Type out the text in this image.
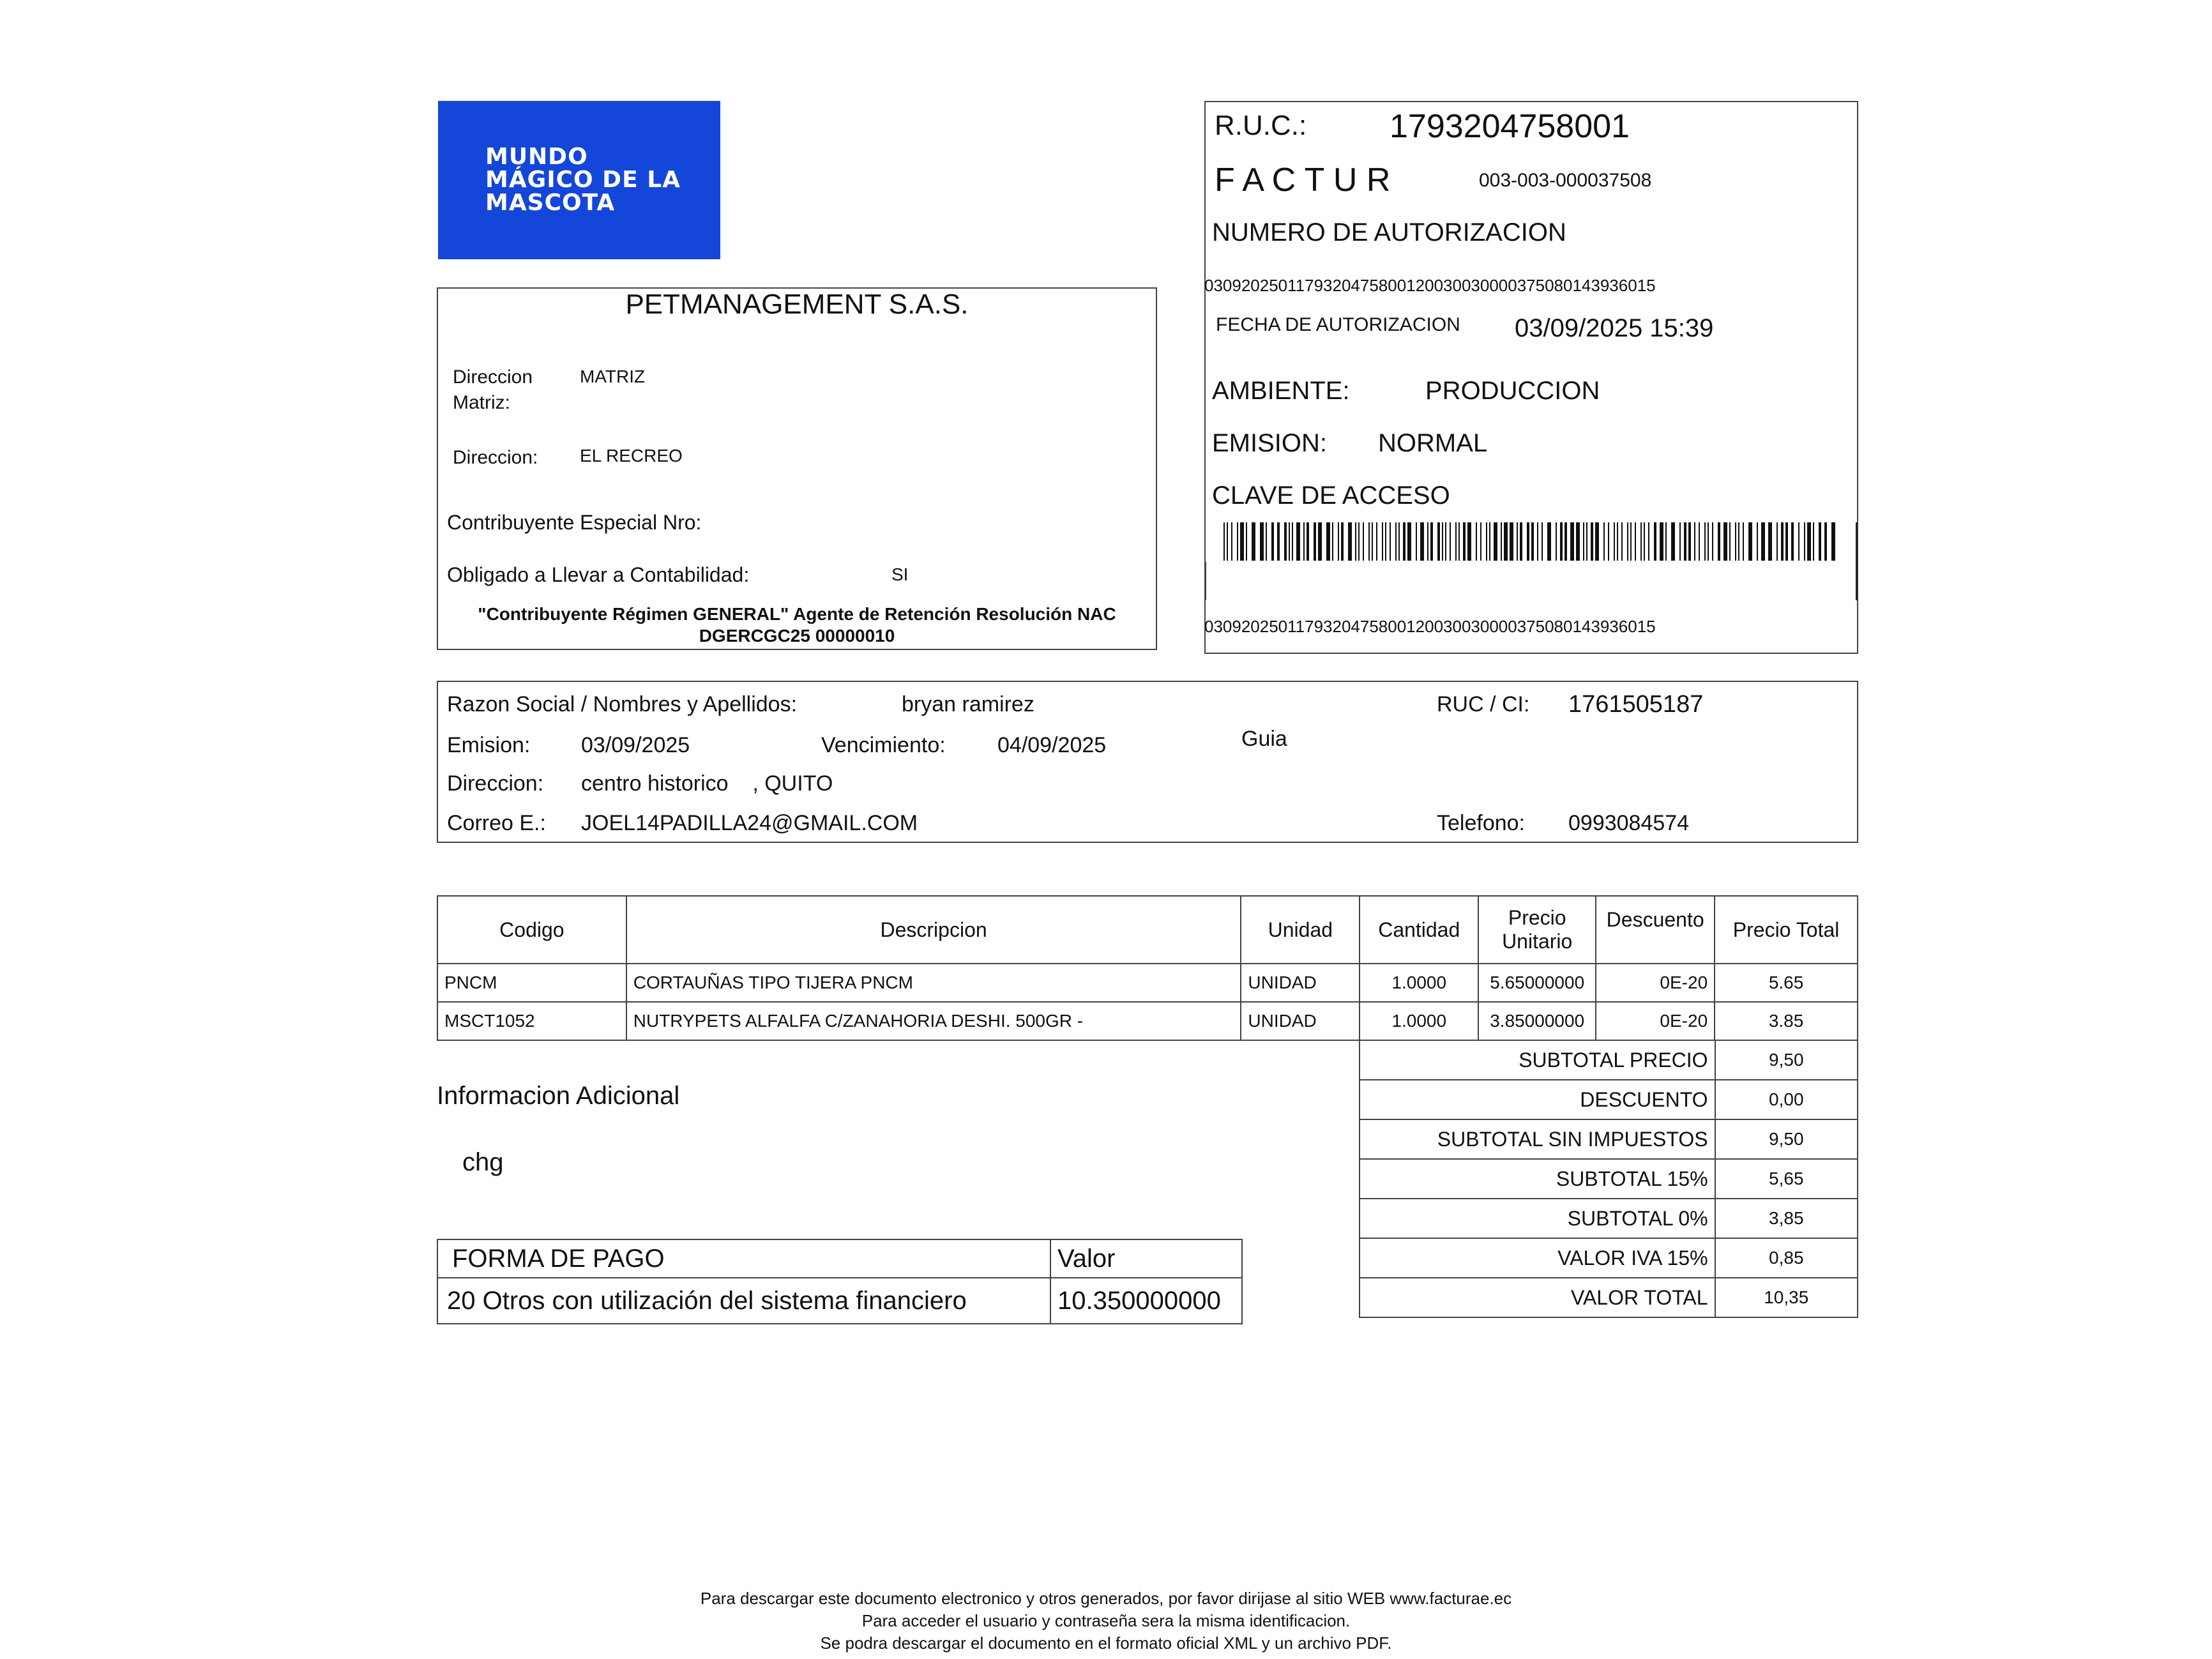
MUNDO
MÁGICO DE LA
MASCOTA
PETMANAGEMENT S.A.S.
Direccion
Matriz:
MATRIZ
Direccion: EL RECREO
Contribuyente Especial Nro:
Obligado a Llevar a Contabilidad:	SI
"Contribuyente Régimen GENERAL" Agente de Retención Resolución NAC
DGERCGC25 00000010
R.U.C.: 1793204758001
F A C T U R	003-003-000037508
NUMERO DE AUTORIZACION
0309202501179320475800120030030000375080143936015
FECHA DE AUTORIZACION 03/09/2025 15:39
AMBIENTE:	PRODUCCION
EMISION: NORMAL
CLAVE DE ACCESO
0309202501179320475800120030030000375080143936015
Razon Social / Nombres y Apellidos:	bryan ramirez	RUC / CI: 1761505187
Emision: 03/09/2025	Vencimiento: 04/09/2025	Guia
Direccion: centro historico    , QUITO
Correo E.: JOEL14PADILLA24@GMAIL.COM	Telefono: 0993084574
Codigo	Descripcion	Unidad	Cantidad	Precio
Unitario	Descuento	Precio Total
PNCM	CORTAUÑAS TIPO TIJERA PNCM	UNIDAD	1.0000	5.65000000	0E-20	5.65
MSCT1052	NUTRYPETS ALFALFA C/ZANAHORIA DESHI. 500GR -	UNIDAD	1.0000	3.85000000	0E-20	3.85
SUBTOTAL PRECIO	9,50
DESCUENTO	0,00
SUBTOTAL SIN IMPUESTOS	9,50
SUBTOTAL 15%	5,65
SUBTOTAL 0%	3,85
VALOR IVA 15%	0,85
VALOR TOTAL	10,35
Informacion Adicional
chg
FORMA DE PAGO	Valor
20 Otros con utilización del sistema financiero	10.350000000
Para descargar este documento electronico y otros generados, por favor dirijase al sitio WEB www.facturae.ec
Para acceder el usuario y contraseña sera la misma identificacion.
Se podra descargar el documento en el formato oficial XML y un archivo PDF.
